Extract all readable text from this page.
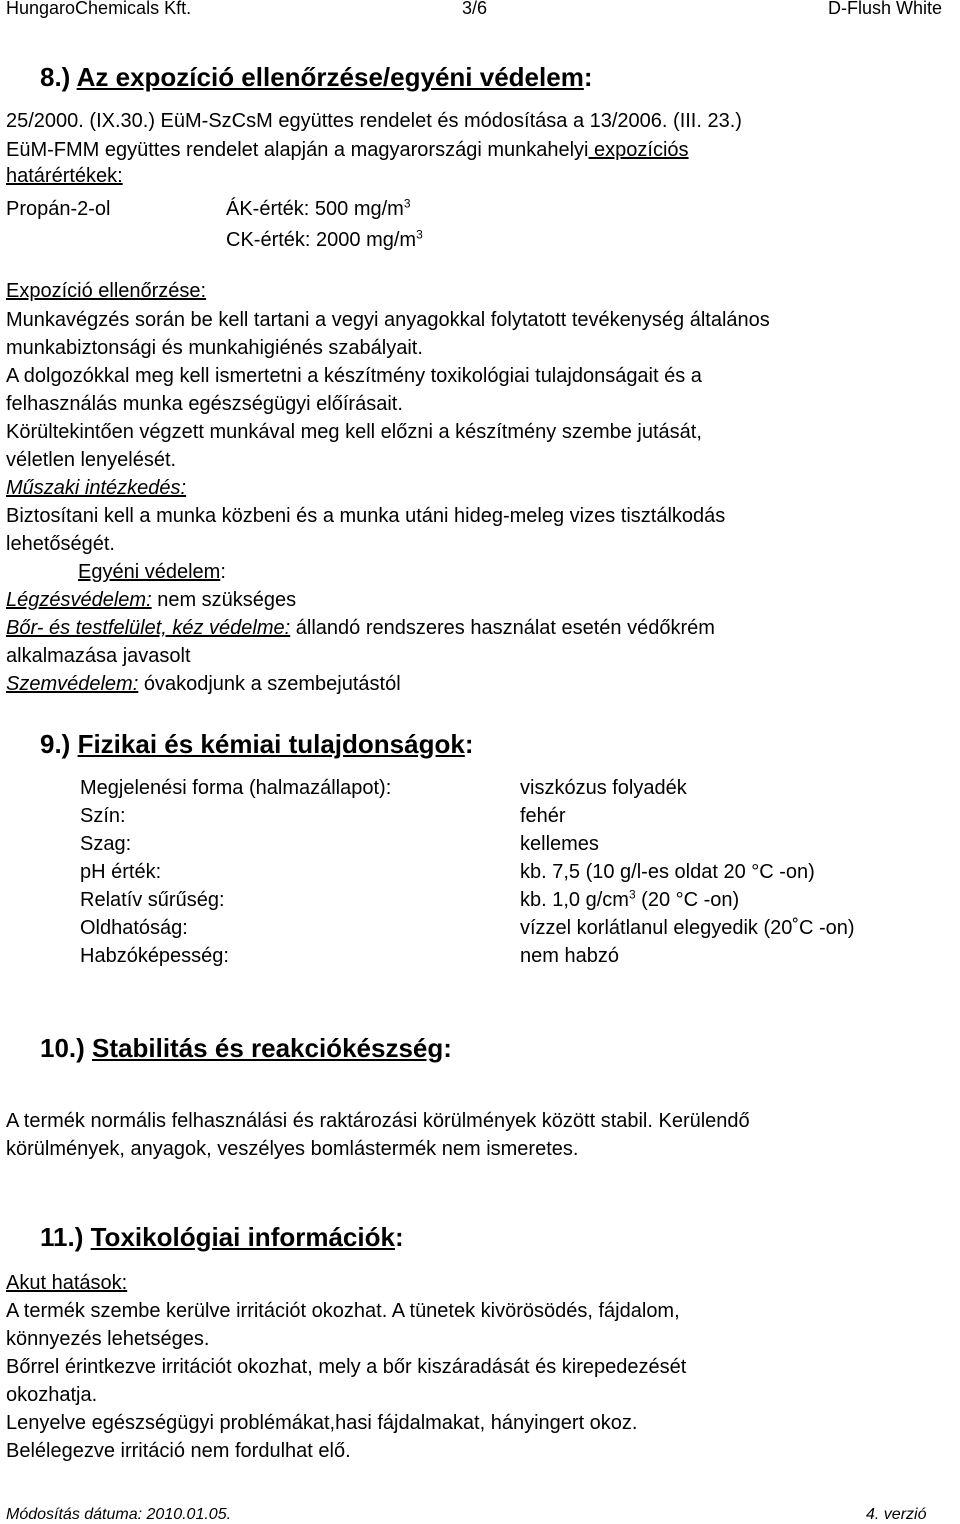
HungaroChemicals Kft.	3/6	D-Flush White
8.) Az expozíció ellenőrzése/egyéni védelem:
25/2000. (IX.30.) EüM-SzCsM együttes rendelet és módosítása a 13/2006. (III. 23.)
EüM-FMM együttes rendelet alapján a magyarországi munkahelyi expozíciós
határértékek:
Propán-2-ol	ÁK-érték: 500 $mg/m^3$
CK-érték: 2000 $mg/m^3$
Expozíció ellenőrzése:
Munkavégzés során be kell tartani a vegyi anyagokkal folytatott tevékenység általános
munkabiztonsági és munkahigiénés szabályait.
A dolgozókkal meg kell ismertetni a készítmény toxikológiai tulajdonságait és a
felhasználás munka egészségügyi előírásait.
Körültekintően végzett munkával meg kell előzni a készítmény szembe jutását,
véletlen lenyelését.
Műszaki intézkedés:
Biztosítani kell a munka közbeni és a munka utáni hideg-meleg vizes tisztálkodás
lehetőségét.
Egyéni védelem:
Légzésvédelem: nem szükséges
Bőr- és testfelület, kéz védelme: állandó rendszeres használat esetén védőkrém
alkalmazása javasolt
Szemvédelem: óvakodjunk a szembejutástól
9.) Fizikai és kémiai tulajdonságok:
Megjelenési forma (halmazállapot):	viszkózus folyadék
Szín:	fehér
Szag:	kellemes
pH érték:	kb. 7,5 (10 g/l-es oldat 20 °C -on)
Relatív sűrűség:	kb. 1,0 $g/cm^3$ (20 °C -on)
Oldhatóság:	vízzel korlátlanul elegyedik (20˚C -on)
Habzóképesség:	nem habzó
10.) Stabilitás és reakciókészség:
A termék normális felhasználási és raktározási körülmények között stabil. Kerülendő
körülmények, anyagok, veszélyes bomlástermék nem ismeretes.
11.) Toxikológiai információk:
Akut hatások:
A termék szembe kerülve irritációt okozhat. A tünetek kivörösödés, fájdalom,
könnyezés lehetséges.
Bőrrel érintkezve irritációt okozhat, mely a bőr kiszáradását és kirepedezését
okozhatja.
Lenyelve egészségügyi problémákat,hasi fájdalmakat, hányingert okoz.
Belélegezve irritáció nem fordulhat elő.
Módosítás dátuma: 2010.01.05.	4. verzió
